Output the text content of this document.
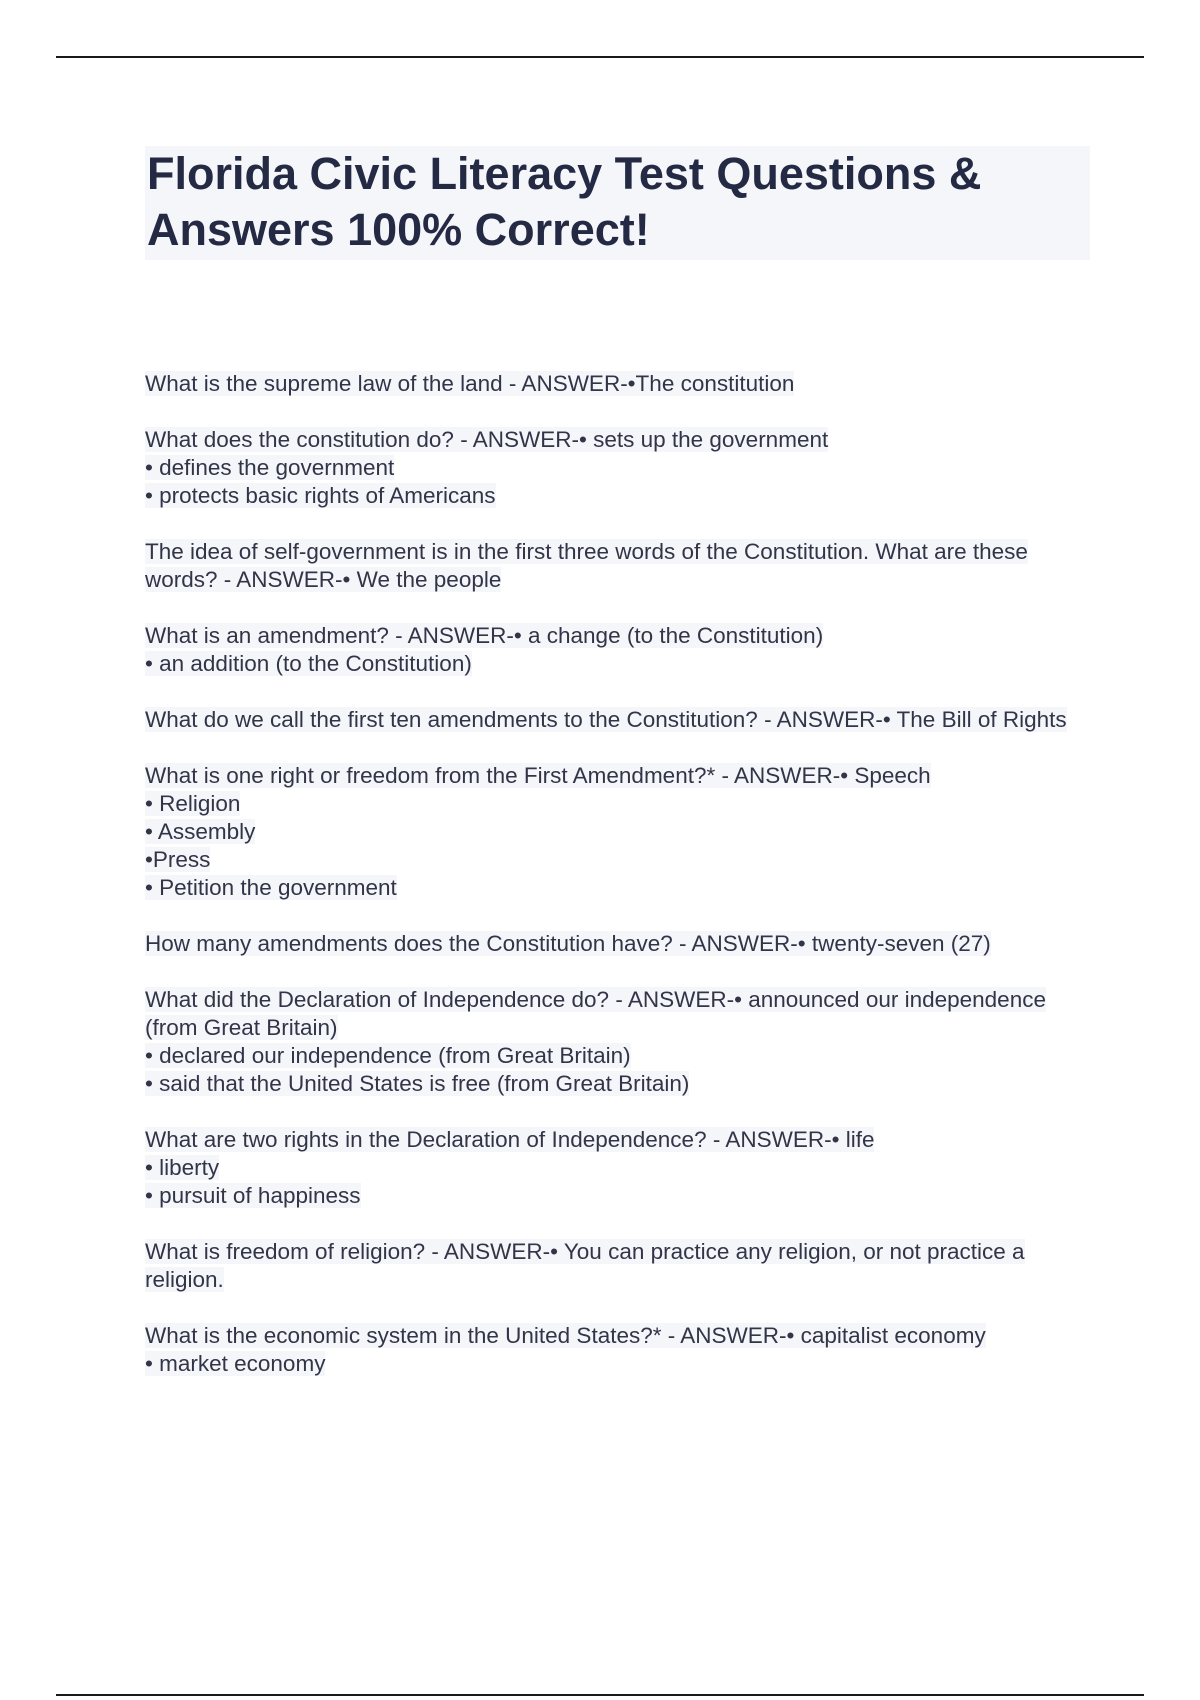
Florida Civic Literacy Test Questions & Answers 100% Correct!

What is the supreme law of the land - ANSWER-•The constitution

What does the constitution do? - ANSWER-• sets up the government
• defines the government
• protects basic rights of Americans

The idea of self-government is in the first three words of the Constitution. What are these words? - ANSWER-• We the people

What is an amendment? - ANSWER-• a change (to the Constitution)
• an addition (to the Constitution)

What do we call the first ten amendments to the Constitution? - ANSWER-• The Bill of Rights

What is one right or freedom from the First Amendment?* - ANSWER-• Speech
• Religion
• Assembly
•Press
• Petition the government

How many amendments does the Constitution have? - ANSWER-• twenty-seven (27)

What did the Declaration of Independence do? - ANSWER-• announced our independence (from Great Britain)
• declared our independence (from Great Britain)
• said that the United States is free (from Great Britain)

What are two rights in the Declaration of Independence? - ANSWER-• life
• liberty
• pursuit of happiness

What is freedom of religion? - ANSWER-• You can practice any religion, or not practice a religion.

What is the economic system in the United States?* - ANSWER-• capitalist economy
• market economy
